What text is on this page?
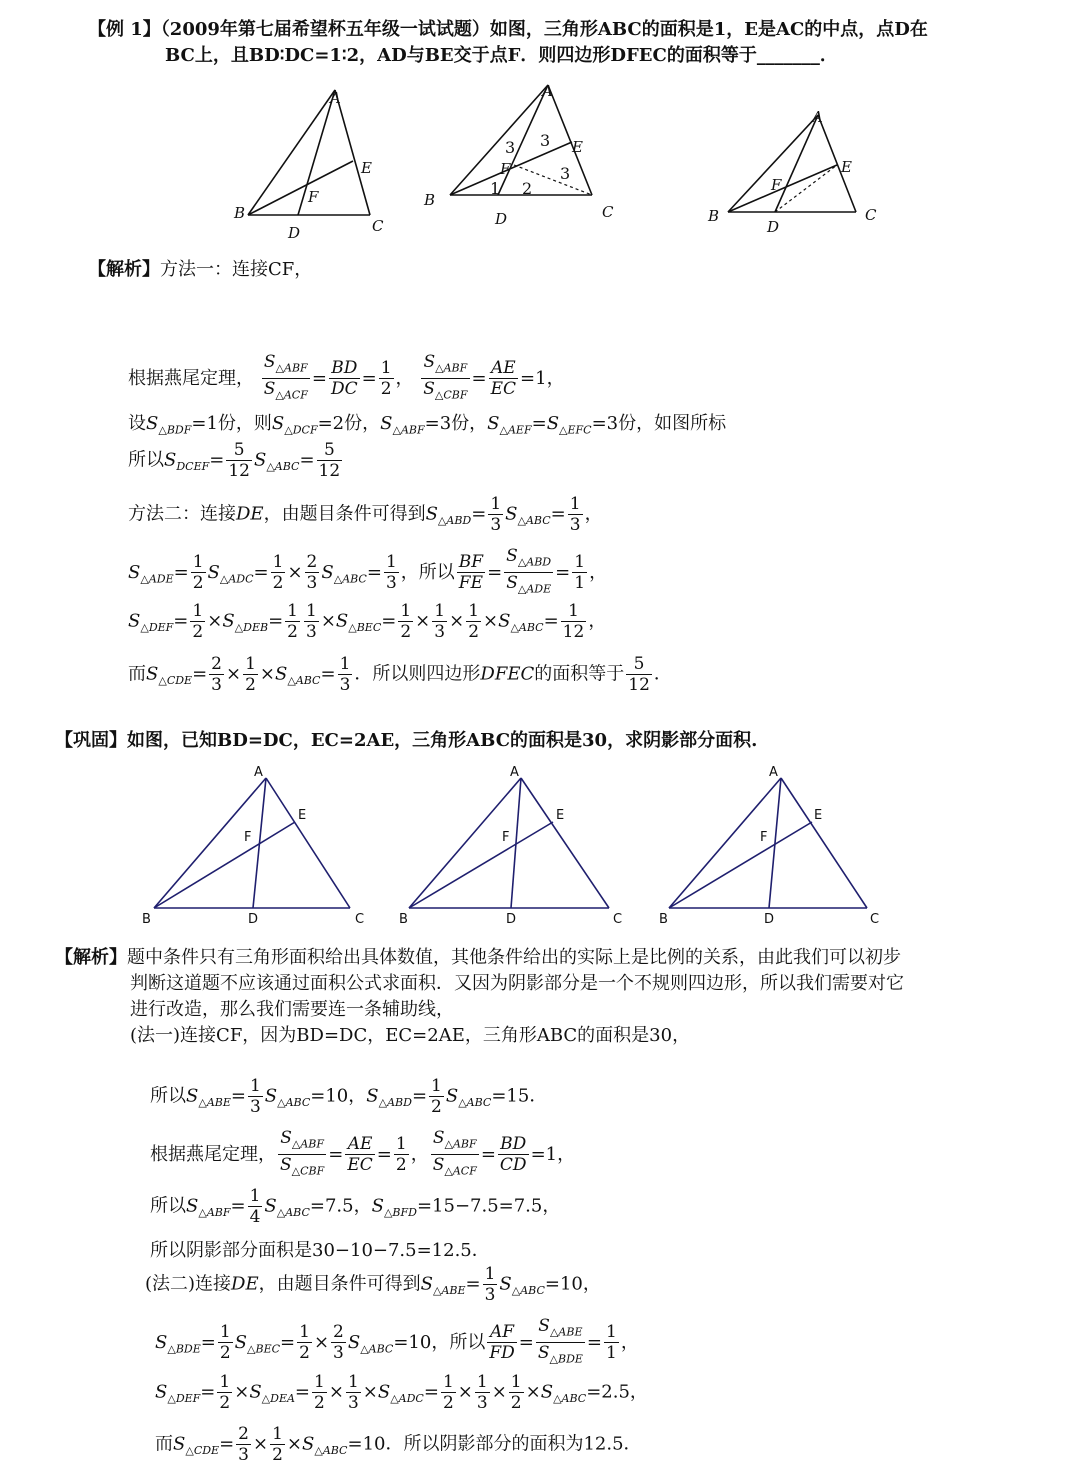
【例 1】（2009年第七届希望杯五年级一试试题）如图，三角形ABC的面积是1，E是AC的中点，点D在
BC上，且BD∶DC=1∶2，AD与BE交于点F．则四边形DFEC的面积等于_______．
A
B
C
D
E
F
A
B
C
D
E
F
3 3
3
1 2
A
B	C
D
E
F
【解析】方法一：连接CF，
根据燕尾定理， $\frac{S_{\triangle ABF}}{S_{\triangle ACF}} = \frac{BD}{DC} = \frac{1}{2}$ ， $\frac{S_{\triangle ABF}}{S_{\triangle CBF}} = \frac{AE}{EC} =1$，
设$S_{\triangle BDF}=1$份，则$S_{\triangle DCF}=2$份，$S_{\triangle ABF}=3$份，$S_{\triangle AEF}=S_{\triangle EFC}=3$份，如图所标
所以$S_{DCEF}= \frac{5}{12} S_{\triangle ABC}= \frac{5}{12}$
方法二：连接DE，由题目条件可得到$S_{\triangle ABD}= \frac{1}{3} S_{\triangle ABC}= \frac{1}{3}$ ，
$S_{\triangle ADE}= \frac{1}{2} S_{\triangle ADC}= \frac{1}{2} \times \frac{2}{3} S_{\triangle ABC}= \frac{1}{3}$ ，所以 $\frac{BF}{FE} = \frac{S_{\triangle ABD}}{S_{\triangle ADE}} = \frac{1}{1}$ ，
$S_{\triangle DEF}= \frac{1}{2} \times S_{\triangle DEB}= \frac{1}{2} \frac{1}{3} \times S_{\triangle BEC}= \frac{1}{2} \times \frac{1}{3} \times \frac{1}{2} \times S_{\triangle ABC}= \frac{1}{12}$ ，
而$S_{\triangle CDE}= \frac{2}{3} \times \frac{1}{2} \times S_{\triangle ABC}= \frac{1}{3}$ ．所以则四边形DFEC的面积等于 $\frac{5}{12}$ ．
【巩固】如图，已知BD=DC，EC=2AE，三角形ABC的面积是30，求阴影部分面积.
A
B	C
D
E
F
A
B	C
D
E
F
A
B	C
D
E
F
【解析】题中条件只有三角形面积给出具体数值，其他条件给出的实际上是比例的关系，由此我们可以初步
判断这道题不应该通过面积公式求面积．又因为阴影部分是一个不规则四边形，所以我们需要对它
进行改造，那么我们需要连一条辅助线，
(法一)连接CF，因为BD=DC，EC=2AE，三角形ABC的面积是30，
所以$S_{\triangle ABE}= \frac{1}{3} S_{\triangle ABC}=10$，$S_{\triangle ABD}= \frac{1}{2} S_{\triangle ABC}=15$．
根据燕尾定理， $\frac{S_{\triangle ABF}}{S_{\triangle CBF}} = \frac{AE}{EC} = \frac{1}{2}$ ， $\frac{S_{\triangle ABF}}{S_{\triangle ACF}} = \frac{BD}{CD} =1$，
所以$S_{\triangle ABF}= \frac{1}{4} S_{\triangle ABC}=7.5$，$S_{\triangle BFD}=15-7.5=7.5$，
所以阴影部分面积是30−10−7.5=12.5．
(法二)连接DE，由题目条件可得到$S_{\triangle ABE}= \frac{1}{3} S_{\triangle ABC}=10$，
$S_{\triangle BDE}= \frac{1}{2} S_{\triangle BEC}= \frac{1}{2} \times \frac{2}{3} S_{\triangle ABC}=10$，所以 $\frac{AF}{FD} = \frac{S_{\triangle ABE}}{S_{\triangle BDE}} = \frac{1}{1}$ ，
$S_{\triangle DEF}= \frac{1}{2} \times S_{\triangle DEA}= \frac{1}{2} \times \frac{1}{3} \times S_{\triangle ADC}= \frac{1}{2} \times \frac{1}{3} \times \frac{1}{2} \times S_{\triangle ABC}=2.5$，
而$S_{\triangle CDE}= \frac{2}{3} \times \frac{1}{2} \times S_{\triangle ABC}=10$．所以阴影部分的面积为12.5．
